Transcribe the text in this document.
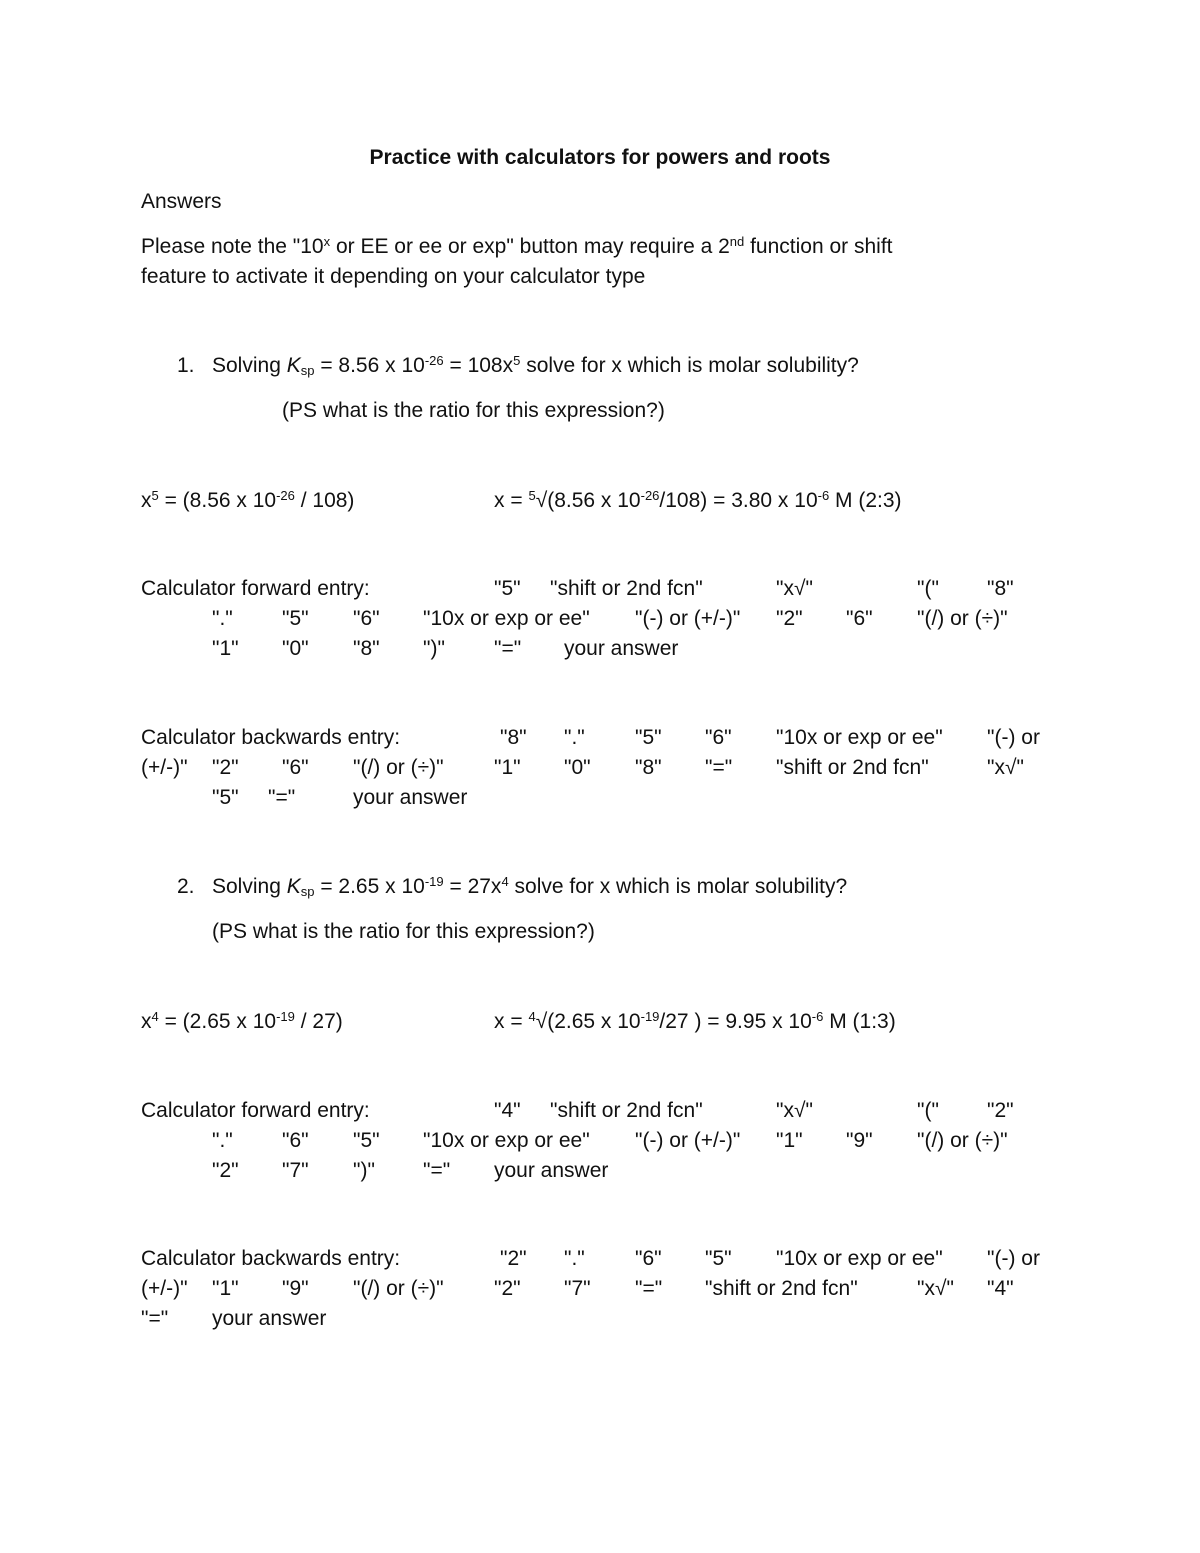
Practice with calculators for powers and roots
Answers
Please note the "10$^x$ or EE or ee or exp" button may require a 2nd function or shift
feature to activate it depending on your calculator type
1. Solving $K_{sp} = 8.56$ x $10^{-26} = 108x^5$ solve for x which is molar solubility?
(PS what is the ratio for this expression?)
$x^5 = (8.56$ x $10^{-26} / 108$)	x = $^5$√(8.56 x $10^{-26}/108) = 3.80$ x $10^{-6}$ M (2:3)
Calculator forward entry:	"5" "shift or 2nd fcn"	"x√"	"(" "8"
"." "5" "6" "10x or exp or ee" "(-) or (+/-)" "2" "6" "(/) or (÷)"
"1" "0" "8" ")" "=" your answer
Calculator backwards entry:	"8" "." "5" "6" "10x or exp or ee" "(-) or
(+/-)" "2" "6" "(/) or (÷)" "1" "0" "8" "=" "shift or 2nd fcn"	"x√"
"5" "="	your answer
2. Solving $K_{sp} = 2.65$ x $10^{-19} = 27x^4$ solve for x which is molar solubility?
(PS what is the ratio for this expression?)
$x^4 = (2.65$ x $10^{-19} / 27$)	x = $^4$√(2.65 x $10^{-19}/27$ ) = 9.95 x $10^{-6}$ M (1:3)
Calculator forward entry:	"4" "shift or 2nd fcn"	"x√"	"(" "2"
"." "6" "5" "10x or exp or ee" "(-) or (+/-)" "1" "9" "(/) or (÷)"
"2" "7" ")" "=" your answer
Calculator backwards entry:	"2" "." "6" "5" "10x or exp or ee" "(-) or
(+/-)" "1" "9" "(/) or (÷)" "2" "7" "=" "shift or 2nd fcn"	"x√" "4"
"=" your answer
